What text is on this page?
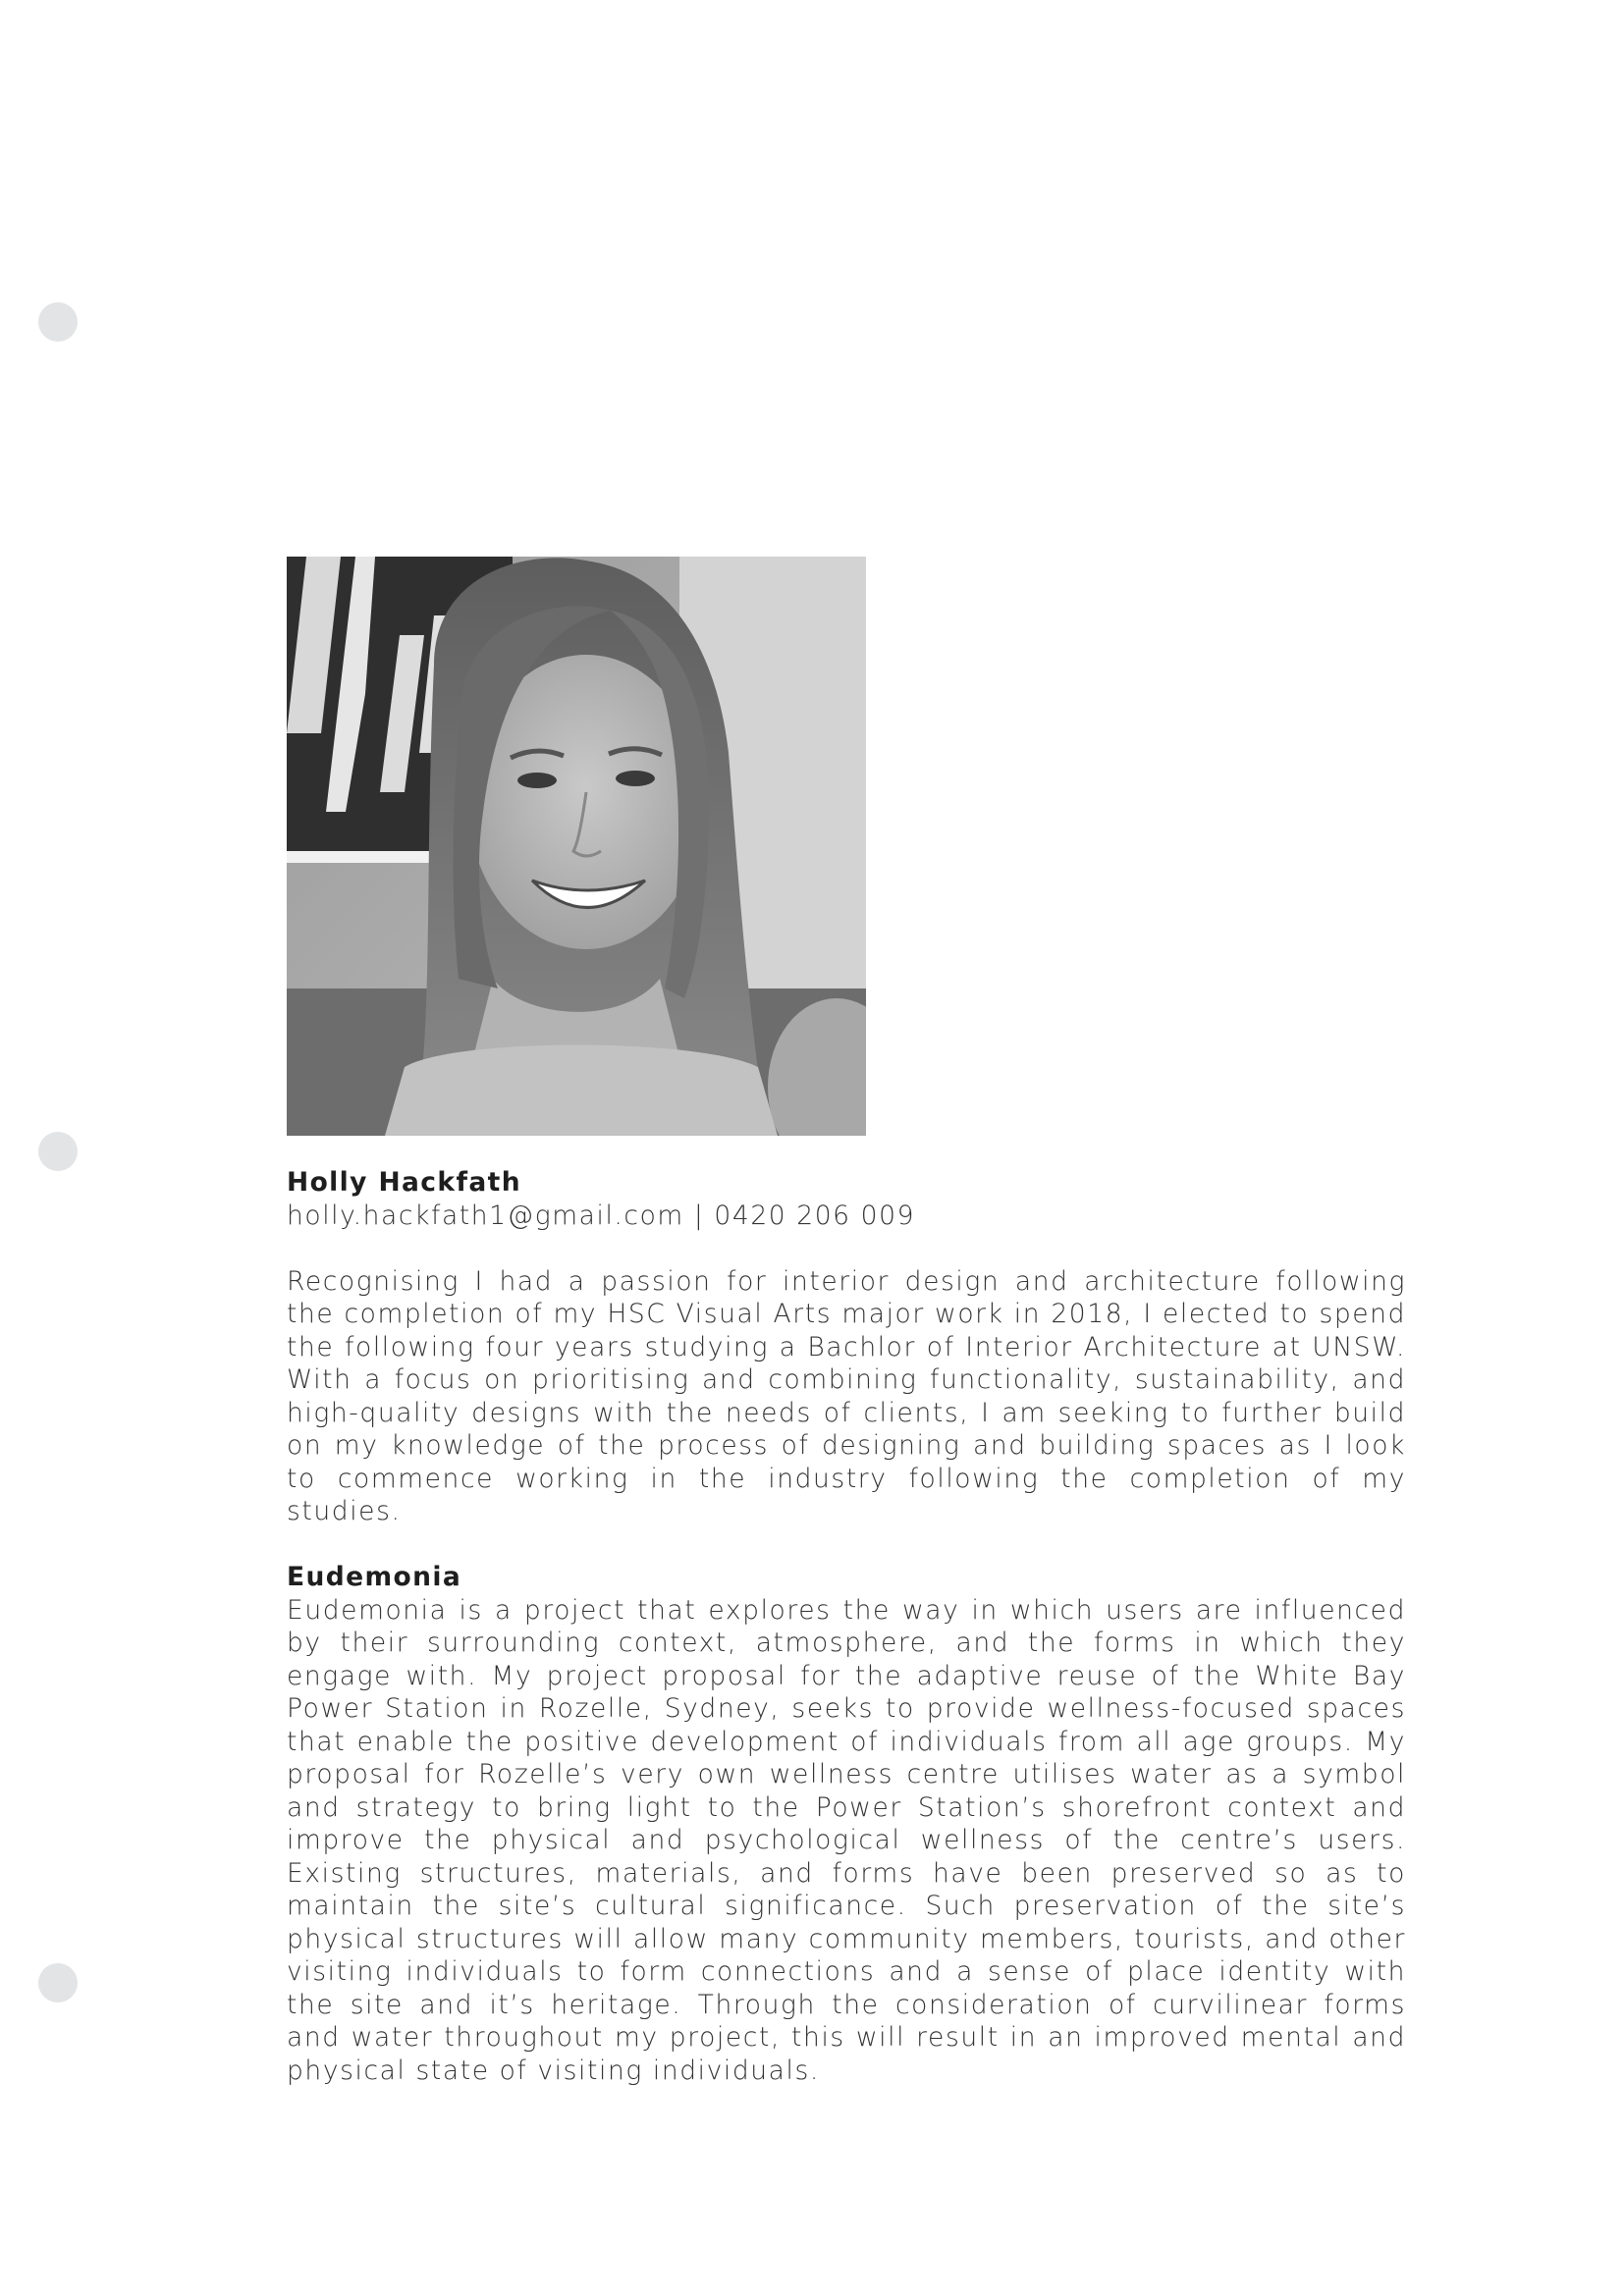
Holly Hackfath
holly.hackfath1@gmail.com | 0420 206 009

Recognising I had a passion for interior design and architecture following the completion of my HSC Visual Arts major work in 2018, I elected to spend the following four years studying a Bachlor of Interior Architecture at UNSW. With a focus on prioritising and combining functionality, sustainability, and high-quality designs with the needs of clients, I am seeking to further build on my knowledge of the process of designing and building spaces as I look to commence working in the industry following the completion of my studies.

Eudemonia

Eudemonia is a project that explores the way in which users are influenced by their surrounding context, atmosphere, and the forms in which they engage with. My project proposal for the adaptive reuse of the White Bay Power Station in Rozelle, Sydney, seeks to provide wellness-focused spaces that enable the positive development of individuals from all age groups. My proposal for Rozelle’s very own wellness centre utilises water as a symbol and strategy to bring light to the Power Station’s shorefront context and improve the physical and psychological wellness of the centre’s users. Existing structures, materials, and forms have been preserved so as to maintain the site’s cultural significance. Such preservation of the site’s physical structures will allow many community members, tourists, and other visiting individuals to form connections and a sense of place identity with the site and it’s heritage. Through the consideration of curvilinear forms and water throughout my project, this will result in an improved mental and physical state of visiting individuals.
